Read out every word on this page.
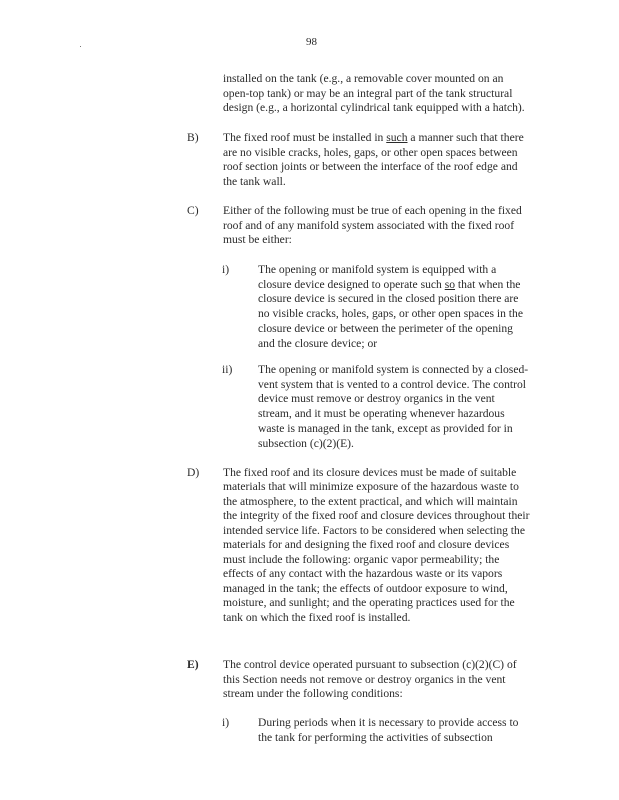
98
installed on the tank (e.g., a removable cover mounted on an
open-top tank) or may be an integral part of the tank structural
design (e.g., a horizontal cylindrical tank equipped with a hatch).
B) The fixed roof must be installed in such a manner such that there
are no visible cracks, holes, gaps, or other open spaces between
roof section joints or between the interface of the roof edge and
the tank wall.
C) Either of the following must be true of each opening in the fixed
roof and of any manifold system associated with the fixed roof
must be either:
i) The opening or manifold system is equipped with a
closure device designed to operate such so that when the
closure device is secured in the closed position there are
no visible cracks, holes, gaps, or other open spaces in the
closure device or between the perimeter of the opening
and the closure device; or
ii) The opening or manifold system is connected by a closed-
vent system that is vented to a control device. The control
device must remove or destroy organics in the vent
stream, and it must be operating whenever hazardous
waste is managed in the tank, except as provided for in
subsection (c)(2)(E).
D) The fixed roof and its closure devices must be made of suitable
materials that will minimize exposure of the hazardous waste to
the atmosphere, to the extent practical, and which will maintain
the integrity of the fixed roof and closure devices throughout their
intended service life. Factors to be considered when selecting the
materials for and designing the fixed roof and closure devices
must include the following: organic vapor permeability; the
effects of any contact with the hazardous waste or its vapors
managed in the tank; the effects of outdoor exposure to wind,
moisture, and sunlight; and the operating practices used for the
tank on which the fixed roof is installed.
E) The control device operated pursuant to subsection (c)(2)(C) of
this Section needs not remove or destroy organics in the vent
stream under the following conditions:
i) During periods when it is necessary to provide access to
the tank for performing the activities of subsection
